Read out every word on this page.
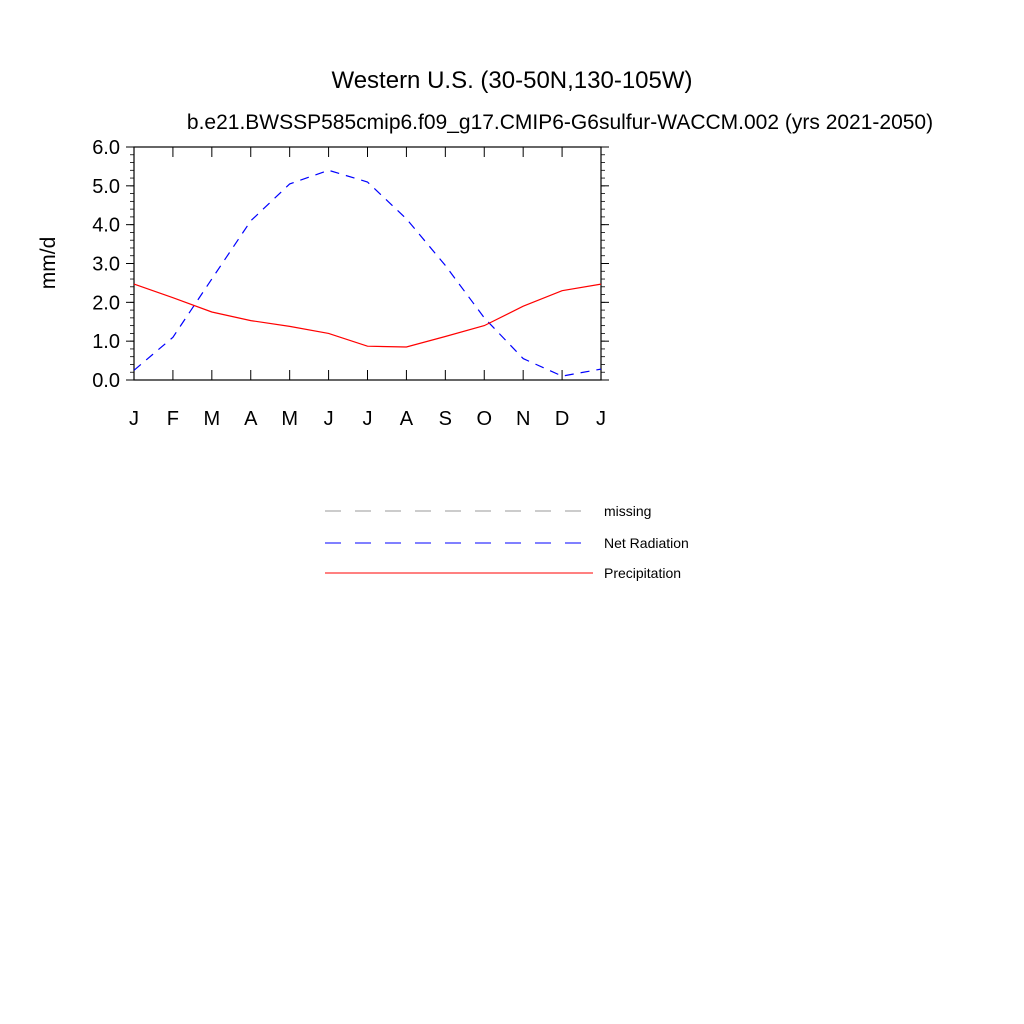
Western U.S. (30-50N,130-105W)
b.e21.BWSSP585cmip6.f09_g17.CMIP6-G6sulfur-WACCM.002 (yrs 2021-2050)
0.0
1.0
2.0
3.0
4.0
5.0
6.0
J F M A M J J A S O N D J
mm/d
missing
Net Radiation
Precipitation
